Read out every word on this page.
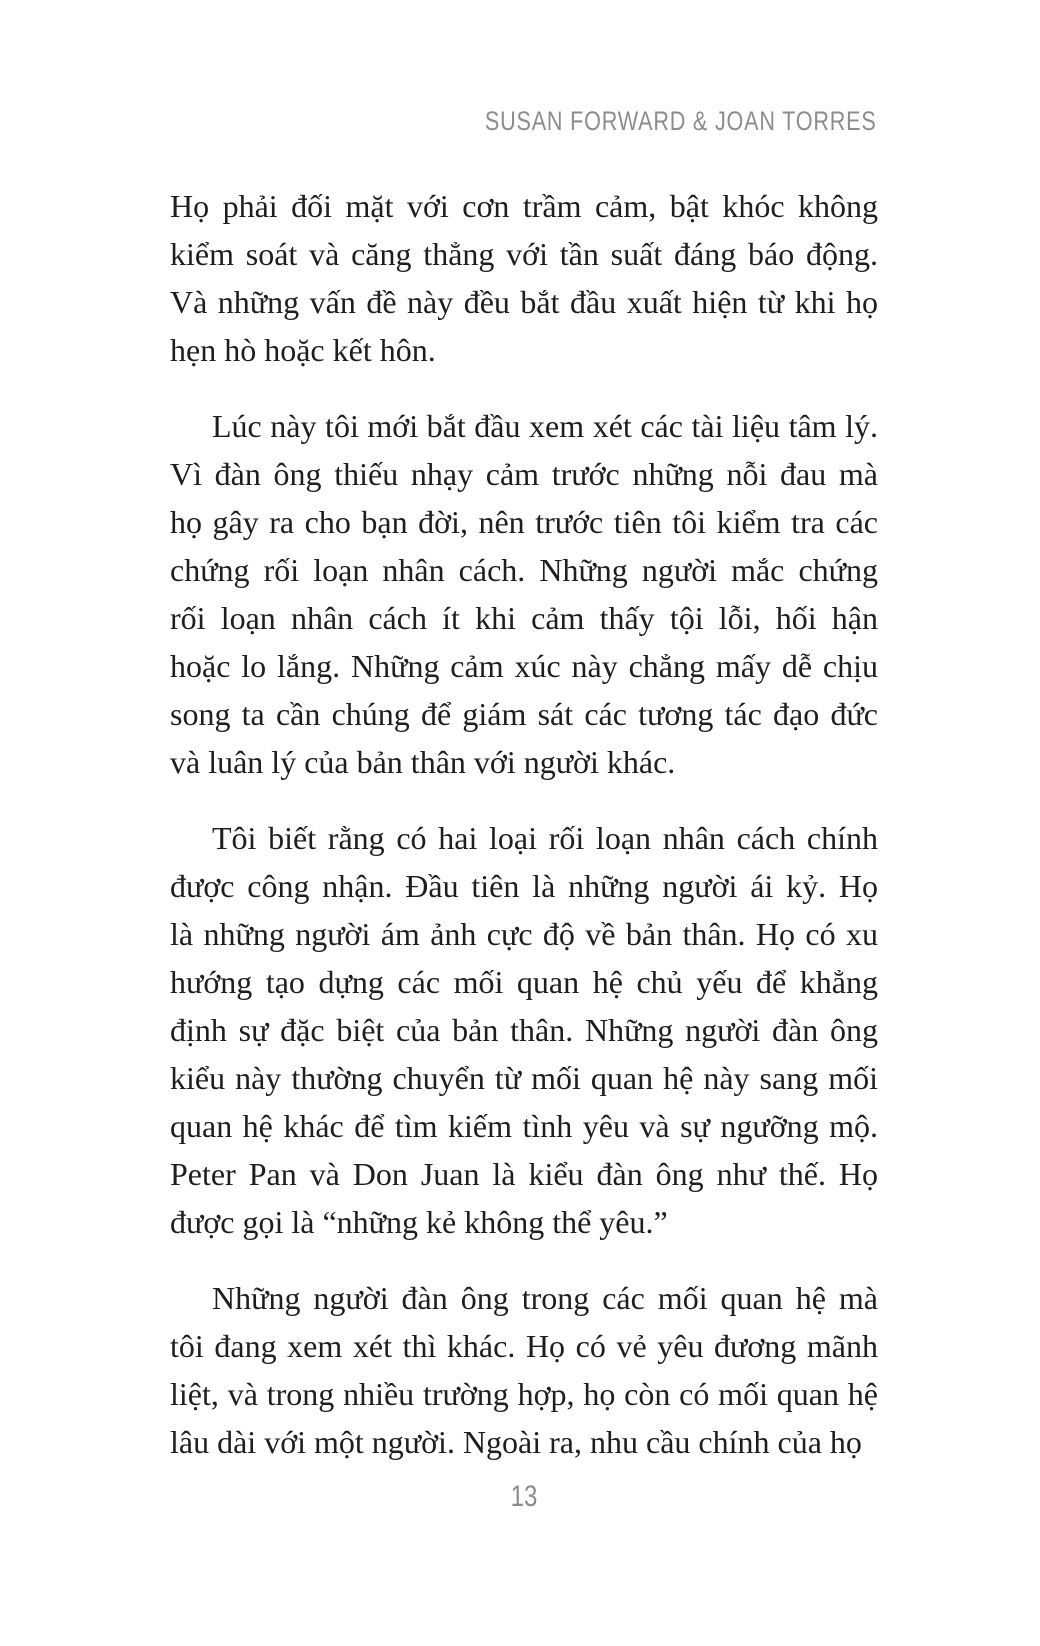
SUSAN FORWARD & JOAN TORRES
Họ phải đối mặt với cơn trầm cảm, bật khóc không
kiểm soát và căng thẳng với tần suất đáng báo động.
Và những vấn đề này đều bắt đầu xuất hiện từ khi họ
hẹn hò hoặc kết hôn.
Lúc này tôi mới bắt đầu xem xét các tài liệu tâm lý.
Vì đàn ông thiếu nhạy cảm trước những nỗi đau mà
họ gây ra cho bạn đời, nên trước tiên tôi kiểm tra các
chứng rối loạn nhân cách. Những người mắc chứng
rối loạn nhân cách ít khi cảm thấy tội lỗi, hối hận
hoặc lo lắng. Những cảm xúc này chẳng mấy dễ chịu
song ta cần chúng để giám sát các tương tác đạo đức
và luân lý của bản thân với người khác.
Tôi biết rằng có hai loại rối loạn nhân cách chính
được công nhận. Đầu tiên là những người ái kỷ. Họ
là những người ám ảnh cực độ về bản thân. Họ có xu
hướng tạo dựng các mối quan hệ chủ yếu để khẳng
định sự đặc biệt của bản thân. Những người đàn ông
kiểu này thường chuyển từ mối quan hệ này sang mối
quan hệ khác để tìm kiếm tình yêu và sự ngưỡng mộ.
Peter Pan và Don Juan là kiểu đàn ông như thế. Họ
được gọi là “những kẻ không thể yêu.”
Những người đàn ông trong các mối quan hệ mà
tôi đang xem xét thì khác. Họ có vẻ yêu đương mãnh
liệt, và trong nhiều trường hợp, họ còn có mối quan hệ
lâu dài với một người. Ngoài ra, nhu cầu chính của họ
13
